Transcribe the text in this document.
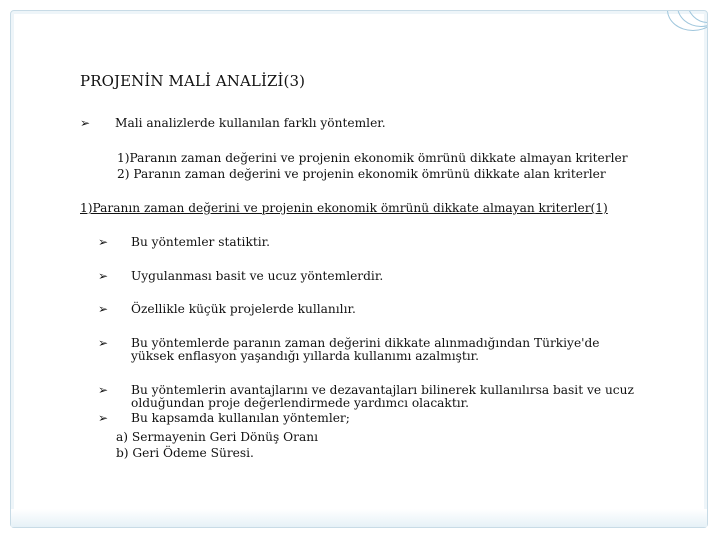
PROJENİN MALİ ANALİZİ(3)
➢ Mali analizlerde kullanılan farklı yöntemler.
1)Paranın zaman değerini ve projenin ekonomik ömrünü dikkate almayan kriterler
2) Paranın zaman değerini ve projenin ekonomik ömrünü dikkate alan kriterler
1)Paranın zaman değerini ve projenin ekonomik ömrünü dikkate almayan kriterler(1)
➢ Bu yöntemler statiktir.
➢ Uygulanması basit ve ucuz yöntemlerdir.
➢ Özellikle küçük projelerde kullanılır.
➢ Bu yöntemlerde paranın zaman değerini dikkate alınmadığından Türkiye'de
yüksek enflasyon yaşandığı yıllarda kullanımı azalmıştır.
➢ Bu yöntemlerin avantajlarını ve dezavantajları bilinerek kullanılırsa basit ve ucuz
olduğundan proje değerlendirmede yardımcı olacaktır.
➢ Bu kapsamda kullanılan yöntemler;
a) Sermayenin Geri Dönüş Oranı
b) Geri Ödeme Süresi.
